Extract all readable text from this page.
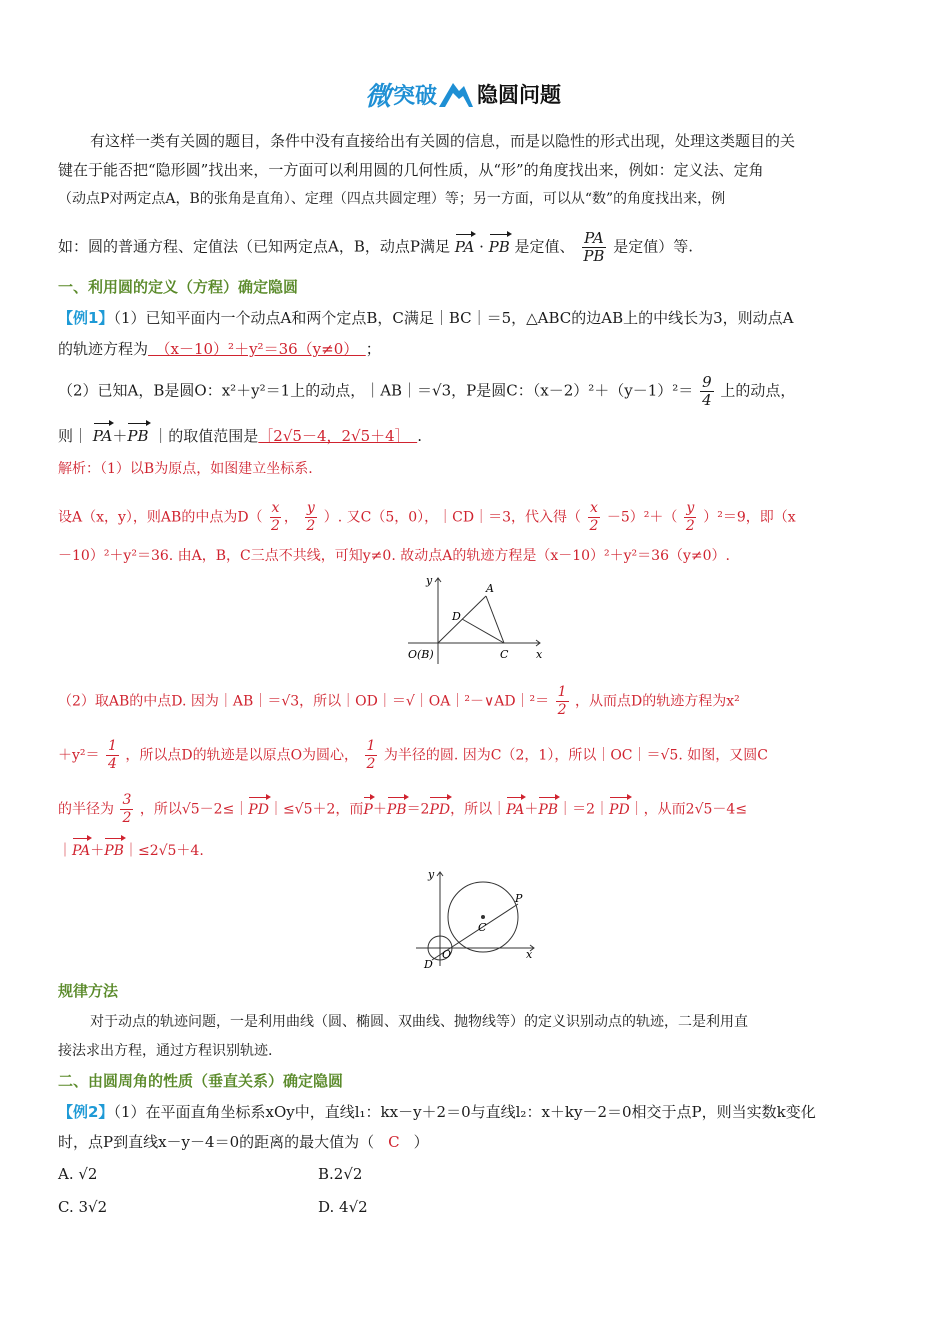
微 突破 隐圆问题
有这样一类有关圆的题目，条件中没有直接给出有关圆的信息，而是以隐性的形式出现，处理这类题目的关
键在于能否把“隐形圆”找出来，一方面可以利用圆的几何性质，从“形”的角度找出来，例如：定义法、定角
（动点P对两定点A，B的张角是直角）、定理（四点共圆定理）等；另一方面，可以从“数”的角度找出来，例
如：圆的普通方程、定值法（已知两定点A，B，动点P满足 PA · PB 是定值、 $\frac{PA}{PB}$ 是定值）等.
一、利用圆的定义（方程）确定隐圆
【例1】（1）已知平面内一个动点A和两个定点B，C满足｜BC｜＝5，△ABC的边AB上的中线长为3，则动点A
的轨迹方程为　（x－10）²＋y²＝36（y≠0）　；
（2）已知A，B是圆O：x²＋y²＝1上的动点，｜AB｜＝√3，P是圆C：$(x-2)^2+(y-1)^2= \frac{9}{4}$ 上的动点，
则｜ PA＋PB ｜的取值范围是［2√5－4，2√5＋4］　.
解析：（1）以B为原点，如图建立坐标系.
设A（x，y），则AB的中点为$D( \frac{x}{2}$ ， $\frac{y}{2}$ ）. 又C（5，0），｜CD｜＝3，代入得（ $\frac{x}{2} -5)^2+( \frac{y}{2} )^2=9$，即（x
－10）²＋y²＝36. 由A，B，C三点不共线，可知y≠0. 故动点A的轨迹方程是（x－10）²＋y²＝36（y≠0）.
y
A
D
O(B)	C	x
（2）取AB的中点D. 因为｜AB｜＝√3，所以｜OD｜＝√｜OA｜²－∨AD｜²＝ $\frac{1}{2}$ ，从而点D的轨迹方程为x²
$+y^2= \frac{1}{4}$ ，所以点D的轨迹是以原点O为圆心， $\frac{1}{2}$ 为半径的圆. 因为C（2，1），所以｜OC｜＝√5. 如图，又圆C
的半径为 $\frac{3}{2}$ ，所以√5－2≤｜PD｜≤√5＋2，而P＋PB＝2PD，所以｜PA＋PB｜＝2｜PD｜，从而2√5－4≤
｜PA＋PB｜≤2√5＋4.
y
P
C
O
D
x
规律方法
对于动点的轨迹问题，一是利用曲线（圆、椭圆、双曲线、抛物线等）的定义识别动点的轨迹，二是利用直
接法求出方程，通过方程识别轨迹.
二、由圆周角的性质（垂直关系）确定隐圆
【例2】（1）在平面直角坐标系xOy中，直线l₁：kx－y＋2＝0与直线l₂：x＋ky－2＝0相交于点P，则当实数k变化
时，点P到直线x－y－4＝0的距离的最大值为（ C ）
A. √2	B.2√2
C. 3√2	D. 4√2
